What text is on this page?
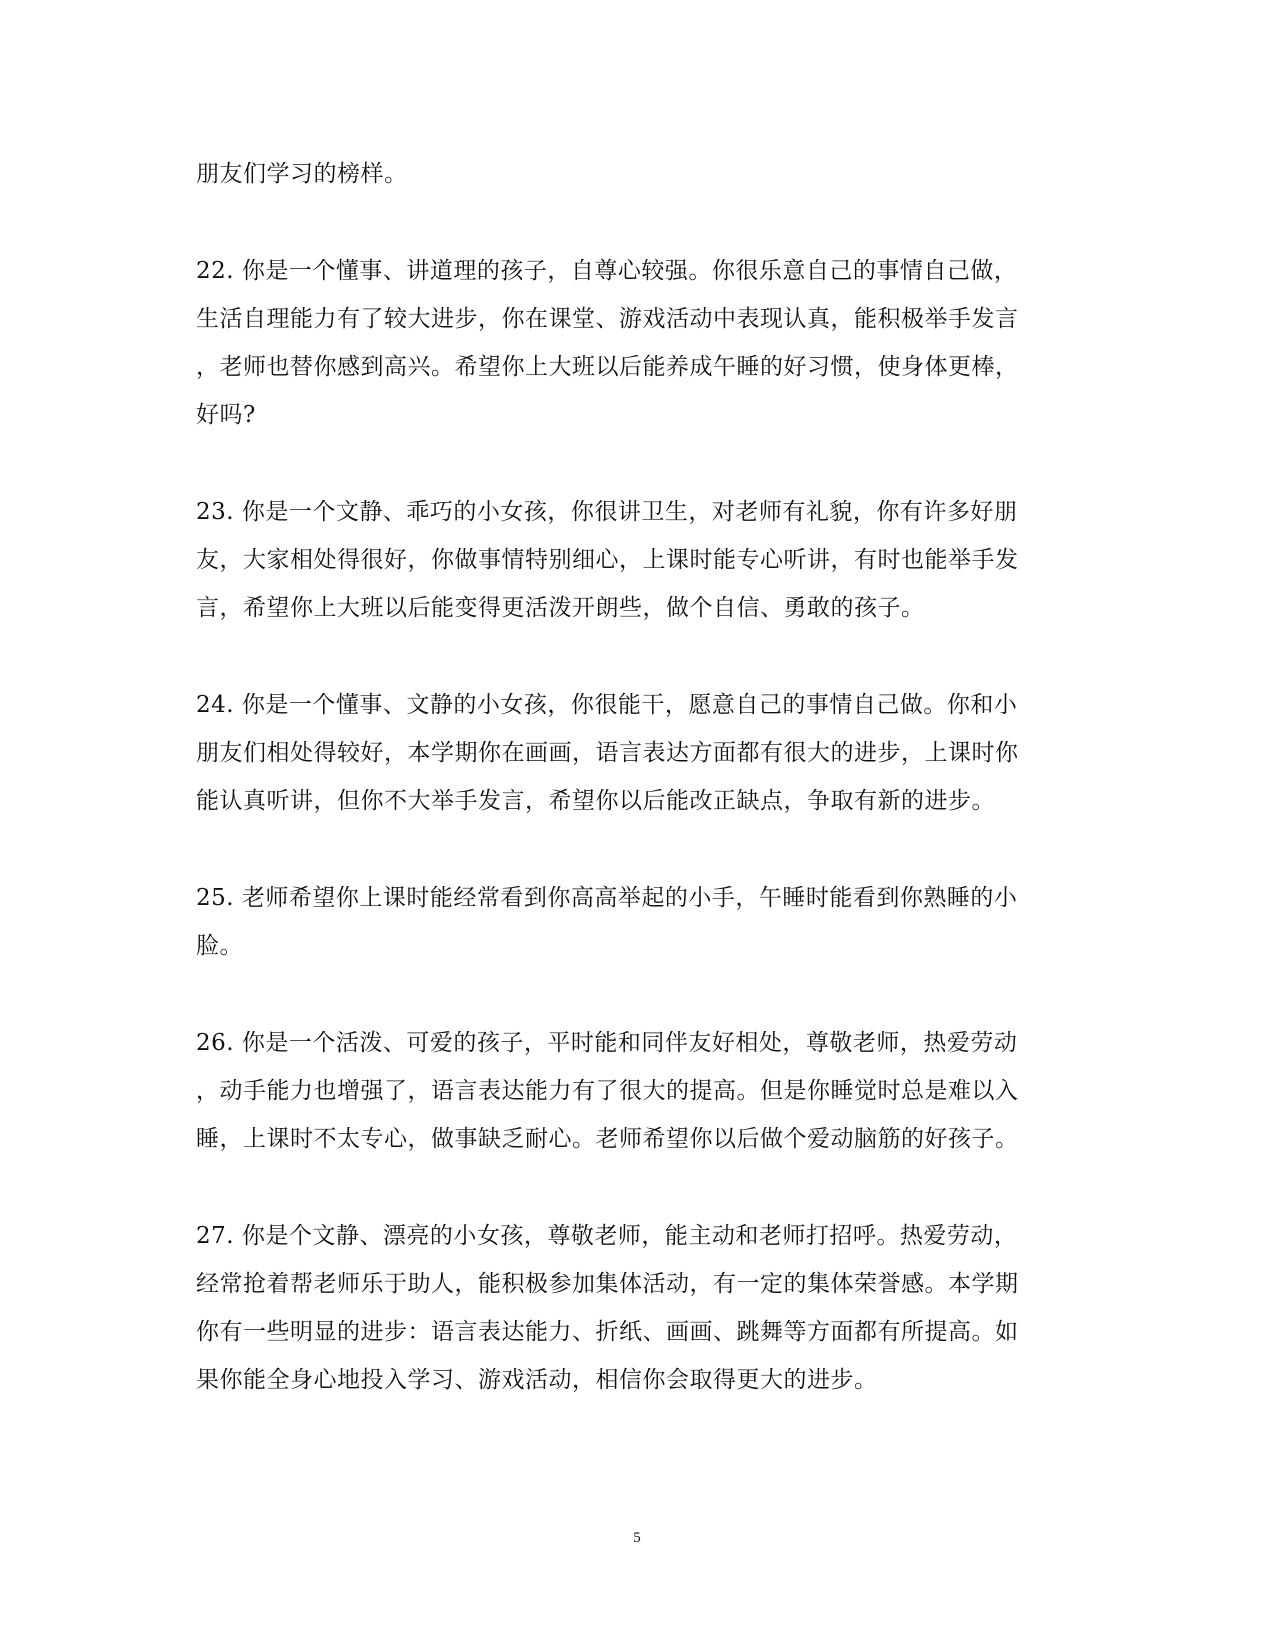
朋友们学习的榜样。
22. 你是一个懂事、讲道理的孩子，自尊心较强。你很乐意自己的事情自己做，
生活自理能力有了较大进步，你在课堂、游戏活动中表现认真，能积极举手发言
，老师也替你感到高兴。希望你上大班以后能养成午睡的好习惯，使身体更棒，
好吗?
23. 你是一个文静、乖巧的小女孩，你很讲卫生，对老师有礼貌，你有许多好朋
友，大家相处得很好，你做事情特别细心，上课时能专心听讲，有时也能举手发
言，希望你上大班以后能变得更活泼开朗些，做个自信、勇敢的孩子。
24. 你是一个懂事、文静的小女孩，你很能干，愿意自己的事情自己做。你和小
朋友们相处得较好，本学期你在画画，语言表达方面都有很大的进步，上课时你
能认真听讲，但你不大举手发言，希望你以后能改正缺点，争取有新的进步。
25. 老师希望你上课时能经常看到你高高举起的小手，午睡时能看到你熟睡的小
脸。
26. 你是一个活泼、可爱的孩子，平时能和同伴友好相处，尊敬老师，热爱劳动
，动手能力也增强了，语言表达能力有了很大的提高。但是你睡觉时总是难以入
睡，上课时不太专心，做事缺乏耐心。老师希望你以后做个爱动脑筋的好孩子。
27. 你是个文静、漂亮的小女孩，尊敬老师，能主动和老师打招呼。热爱劳动，
经常抢着帮老师乐于助人，能积极参加集体活动，有一定的集体荣誉感。本学期
你有一些明显的进步：语言表达能力、折纸、画画、跳舞等方面都有所提高。如
果你能全身心地投入学习、游戏活动，相信你会取得更大的进步。
5
